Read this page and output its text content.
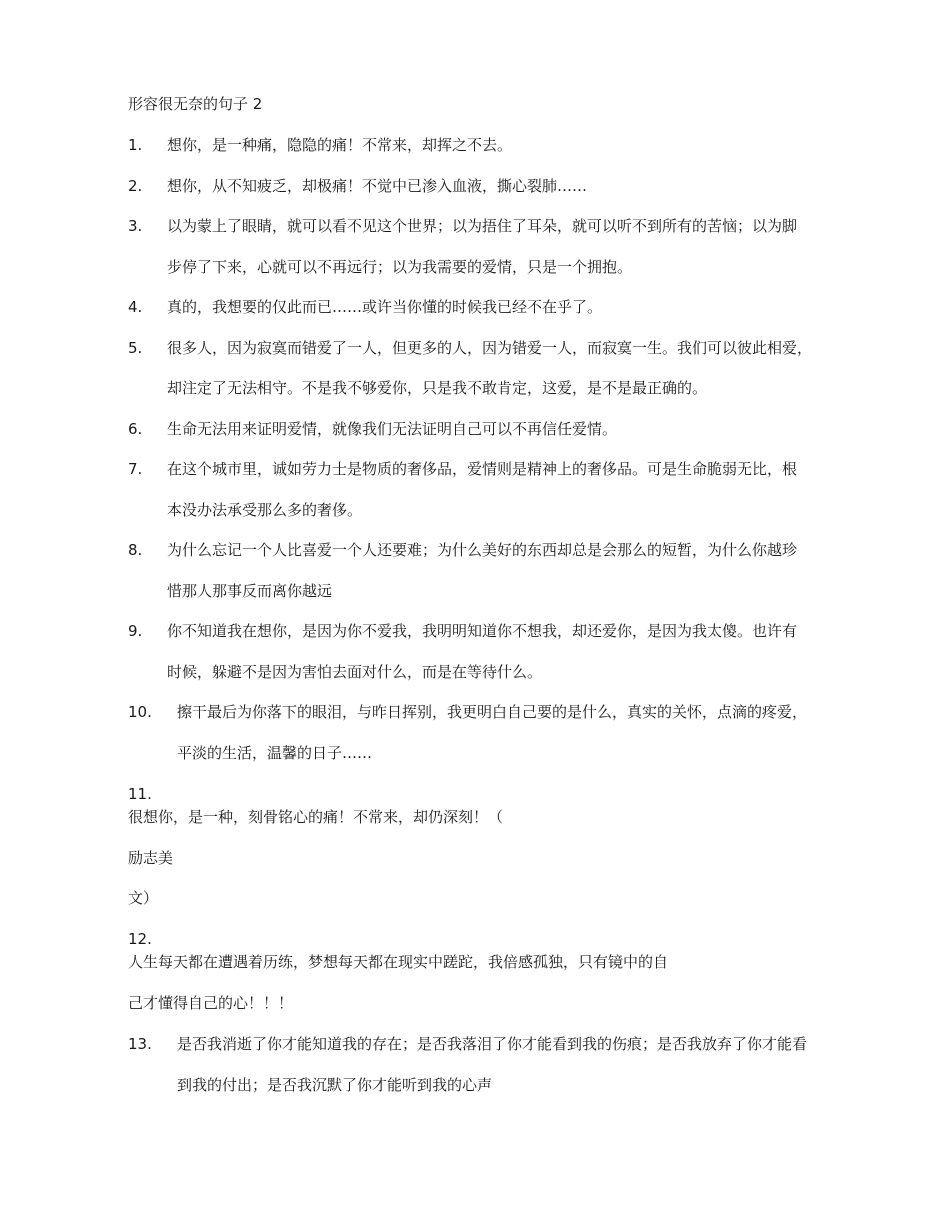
形容很无奈的句子 2
1. 想你，是一种痛，隐隐的痛！不常来，却挥之不去。
2. 想你，从不知疲乏，却极痛！不觉中已渗入血液，撕心裂肺……
3. 以为蒙上了眼睛，就可以看不见这个世界；以为捂住了耳朵，就可以听不到所有的苦恼；以为脚
步停了下来，心就可以不再远行；以为我需要的爱情，只是一个拥抱。
4. 真的，我想要的仅此而已……或许当你懂的时候我已经不在乎了。
5. 很多人，因为寂寞而错爱了一人，但更多的人，因为错爱一人，而寂寞一生。我们可以彼此相爱，
却注定了无法相守。不是我不够爱你，只是我不敢肯定，这爱，是不是最正确的。
6. 生命无法用来证明爱情，就像我们无法证明自己可以不再信任爱情。
7. 在这个城市里，诚如劳力士是物质的奢侈品，爱情则是精神上的奢侈品。可是生命脆弱无比，根
本没办法承受那么多的奢侈。
8. 为什么忘记一个人比喜爱一个人还要难；为什么美好的东西却总是会那么的短暂，为什么你越珍
惜那人那事反而离你越远
9. 你不知道我在想你，是因为你不爱我，我明明知道你不想我，却还爱你，是因为我太傻。也许有
时候，躲避不是因为害怕去面对什么，而是在等待什么。
10. 擦干最后为你落下的眼泪，与昨日挥别，我更明白自己要的是什么，真实的关怀，点滴的疼爱，
平淡的生活，温馨的日子……
11.
很想你，是一种，刻骨铭心的痛！不常来，却仍深刻！（
励志美
文）
12.
人生每天都在遭遇着历练，梦想每天都在现实中蹉跎，我倍感孤独，只有镜中的自
己才懂得自己的心！！！
13. 是否我消逝了你才能知道我的存在；是否我落泪了你才能看到我的伤痕；是否我放弃了你才能看
到我的付出；是否我沉默了你才能听到我的心声
